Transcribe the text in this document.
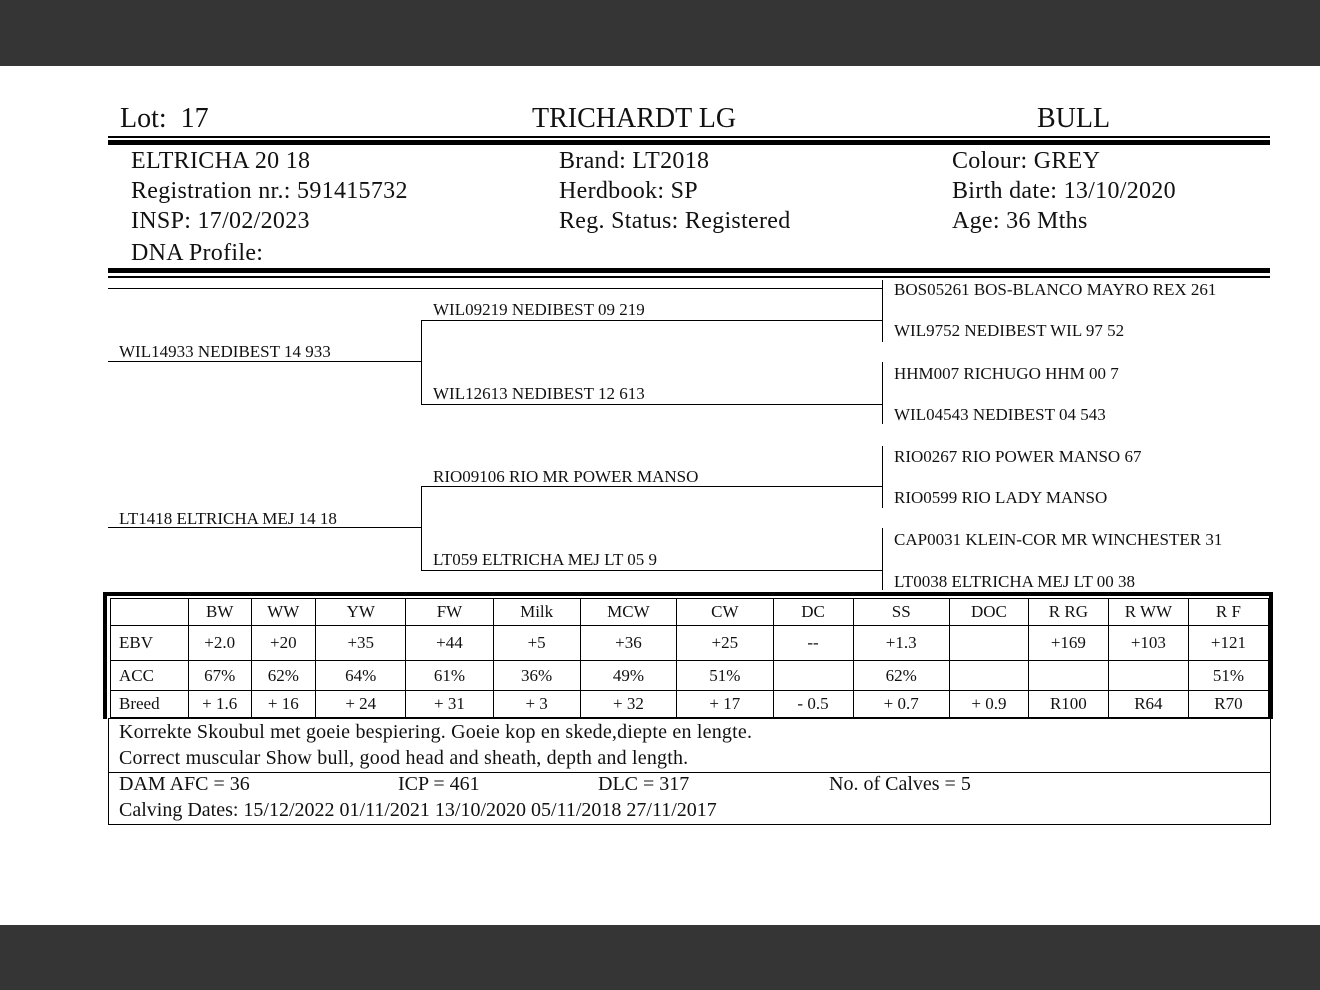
Lot: 17	TRICHARDT LG	BULL
ELTRICHA 20 18
Registration nr.: 591415732
INSP: 17/02/2023
DNA Profile:
Brand: LT2018
Herdbook: SP
Reg. Status: Registered
Colour: GREY
Birth date: 13/10/2020
Age: 36 Mths
WIL14933 NEDIBEST 14 933
LT1418 ELTRICHA MEJ 14 18
WIL09219 NEDIBEST 09 219
WIL12613 NEDIBEST 12 613
RIO09106 RIO MR POWER MANSO
LT059 ELTRICHA MEJ LT 05 9
BOS05261 BOS-BLANCO MAYRO REX 261
WIL9752 NEDIBEST WIL 97 52
HHM007 RICHUGO HHM 00 7
WIL04543 NEDIBEST 04 543
RIO0267 RIO POWER MANSO 67
RIO0599 RIO LADY MANSO
CAP0031 KLEIN-COR MR WINCHESTER 31
LT0038 ELTRICHA MEJ LT 00 38
	BW	WW	YW	FW	Milk	MCW	CW	DC	SS	DOC	R RG	R WW	R F
EBV	+2.0	+20	+35	+44	+5	+36	+25	--	+1.3		+169	+103	+121
ACC	67%	62%	64%	61%	36%	49%	51%		62%				51%
Breed	+ 1.6	+ 16	+ 24	+ 31	+ 3	+ 32	+ 17	- 0.5	+ 0.7	+ 0.9	R100	R64	R70
Korrekte Skoubul met goeie bespiering. Goeie kop en skede,diepte en lengte.
Correct muscular Show bull, good head and sheath, depth and length.
DAM AFC = 36	ICP = 461	DLC = 317	No. of Calves = 5
Calving Dates: 15/12/2022 01/11/2021 13/10/2020 05/11/2018 27/11/2017
